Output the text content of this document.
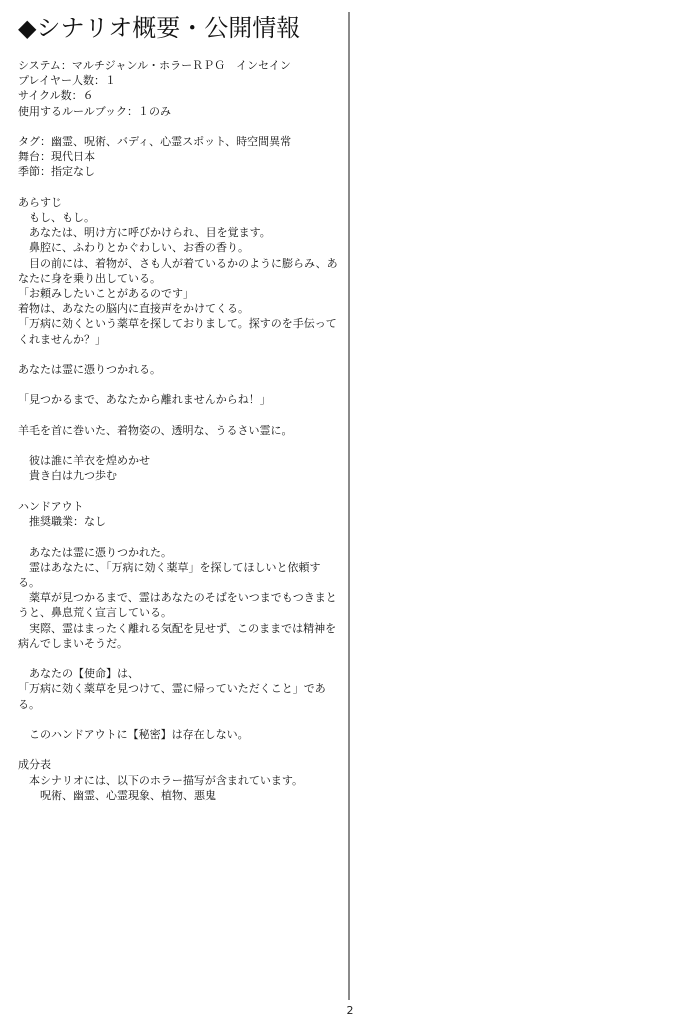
◆シナリオ概要・公開情報
システム：マルチジャンル・ホラーＲＰＧ　インセイン
プレイヤー人数：１
サイクル数：６
使用するルールブック：１のみ

タグ：幽霊、呪術、バディ、心霊スポット、時空間異常
舞台：現代日本
季節：指定なし

あらすじ
　もし、もし。
　あなたは、明け方に呼びかけられ、目を覚ます。
　鼻腔に、ふわりとかぐわしい、お香の香り。
　目の前には、着物が、さも人が着ているかのように膨らみ、あなたに身を乗り出している。
「お頼みしたいことがあるのです」
着物は、あなたの脳内に直接声をかけてくる。
「万病に効くという薬草を探しておりまして。探すのを手伝ってくれませんか？」

あなたは霊に憑りつかれる。

「見つかるまで、あなたから離れませんからね！」

羊毛を首に巻いた、着物姿の、透明な、うるさい霊に。

　彼は誰に羊衣を煌めかせ
　貴き白は九つ歩む

ハンドアウト
　推奨職業：なし

　あなたは霊に憑りつかれた。
　霊はあなたに、「万病に効く薬草」を探してほしいと依頼する。
　薬草が見つかるまで、霊はあなたのそばをいつまでもつきまとうと、鼻息荒く宣言している。
　実際、霊はまったく離れる気配を見せず、このままでは精神を病んでしまいそうだ。

　あなたの【使命】は、
「万病に効く薬草を見つけて、霊に帰っていただくこと」である。

　このハンドアウトに【秘密】は存在しない。

成分表
　本シナリオには、以下のホラー描写が含まれています。
　　呪術、幽霊、心霊現象、植物、悪鬼
2
